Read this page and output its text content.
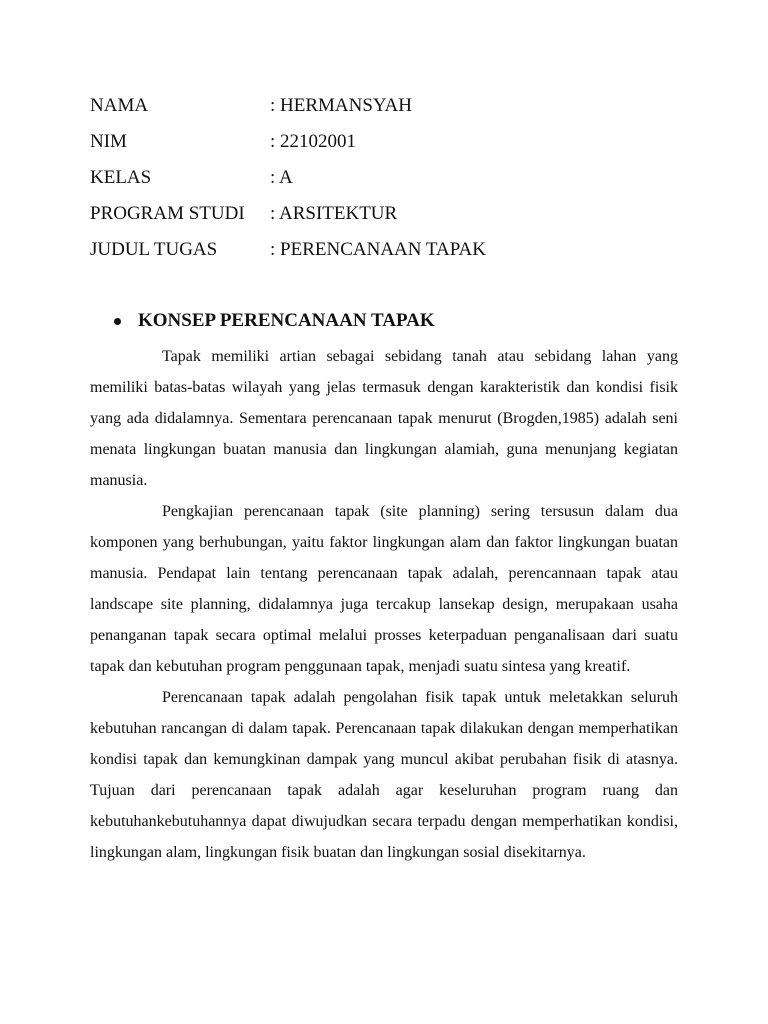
NAMA	: HERMANSYAH
NIM	: 22102001
KELAS	: A
PROGRAM STUDI	: ARSITEKTUR
JUDUL TUGAS	: PERENCANAAN TAPAK
KONSEP PERENCANAAN TAPAK

Tapak memiliki artian sebagai sebidang tanah atau sebidang lahan yang memiliki batas-batas wilayah yang jelas termasuk dengan karakteristik dan kondisi fisik yang ada didalamnya. Sementara perencanaan tapak menurut (Brogden,1985) adalah seni menata lingkungan buatan manusia dan lingkungan alamiah, guna menunjang kegiatan manusia.

Pengkajian perencanaan tapak (site planning) sering tersusun dalam dua komponen yang berhubungan, yaitu faktor lingkungan alam dan faktor lingkungan buatan manusia. Pendapat lain tentang perencanaan tapak adalah, perencannaan tapak atau landscape site planning, didalamnya juga tercakup lansekap design, merupakaan usaha penanganan tapak secara optimal melalui prosses keterpaduan penganalisaan dari suatu tapak dan kebutuhan program penggunaan tapak, menjadi suatu sintesa yang kreatif.

Perencanaan tapak adalah pengolahan fisik tapak untuk meletakkan seluruh kebutuhan rancangan di dalam tapak. Perencanaan tapak dilakukan dengan memperhatikan kondisi tapak dan kemungkinan dampak yang muncul akibat perubahan fisik di atasnya. Tujuan dari perencanaan tapak adalah agar keseluruhan program ruang dan kebutuhankebutuhannya dapat diwujudkan secara terpadu dengan memperhatikan kondisi, lingkungan alam, lingkungan fisik buatan dan lingkungan sosial disekitarnya.
